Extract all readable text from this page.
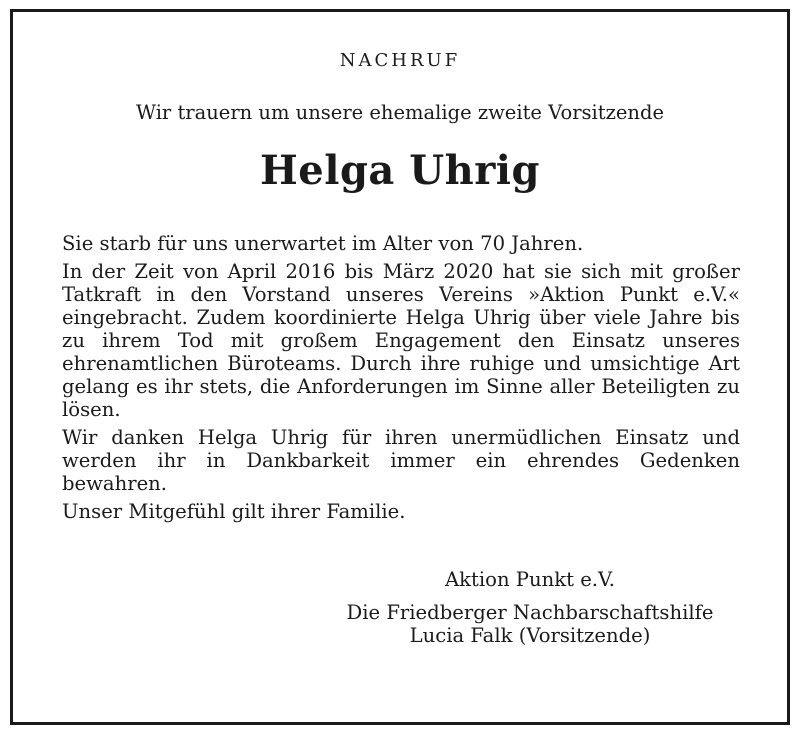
NACHRUF
Wir trauern um unsere ehemalige zweite Vorsitzende
Helga Uhrig

Sie starb für uns unerwartet im Alter von 70 Jahren.

In der Zeit von April 2016 bis März 2020 hat sie sich mit großer Tatkraft in den Vorstand unseres Vereins »Aktion Punkt e.V.« eingebracht. Zudem koordinierte Helga Uhrig über viele Jahre bis zu ihrem Tod mit großem Engagement den Einsatz unseres ehrenamtlichen Büroteams. Durch ihre ruhige und umsichtige Art gelang es ihr stets, die Anforderungen im Sinne aller Beteiligten zu lösen.

Wir danken Helga Uhrig für ihren unermüdlichen Einsatz und werden ihr in Dankbarkeit immer ein ehrendes Gedenken bewahren.

Unser Mitgefühl gilt ihrer Familie.

Aktion Punkt e.V.
Die Friedberger Nachbarschaftshilfe
Lucia Falk (Vorsitzende)
